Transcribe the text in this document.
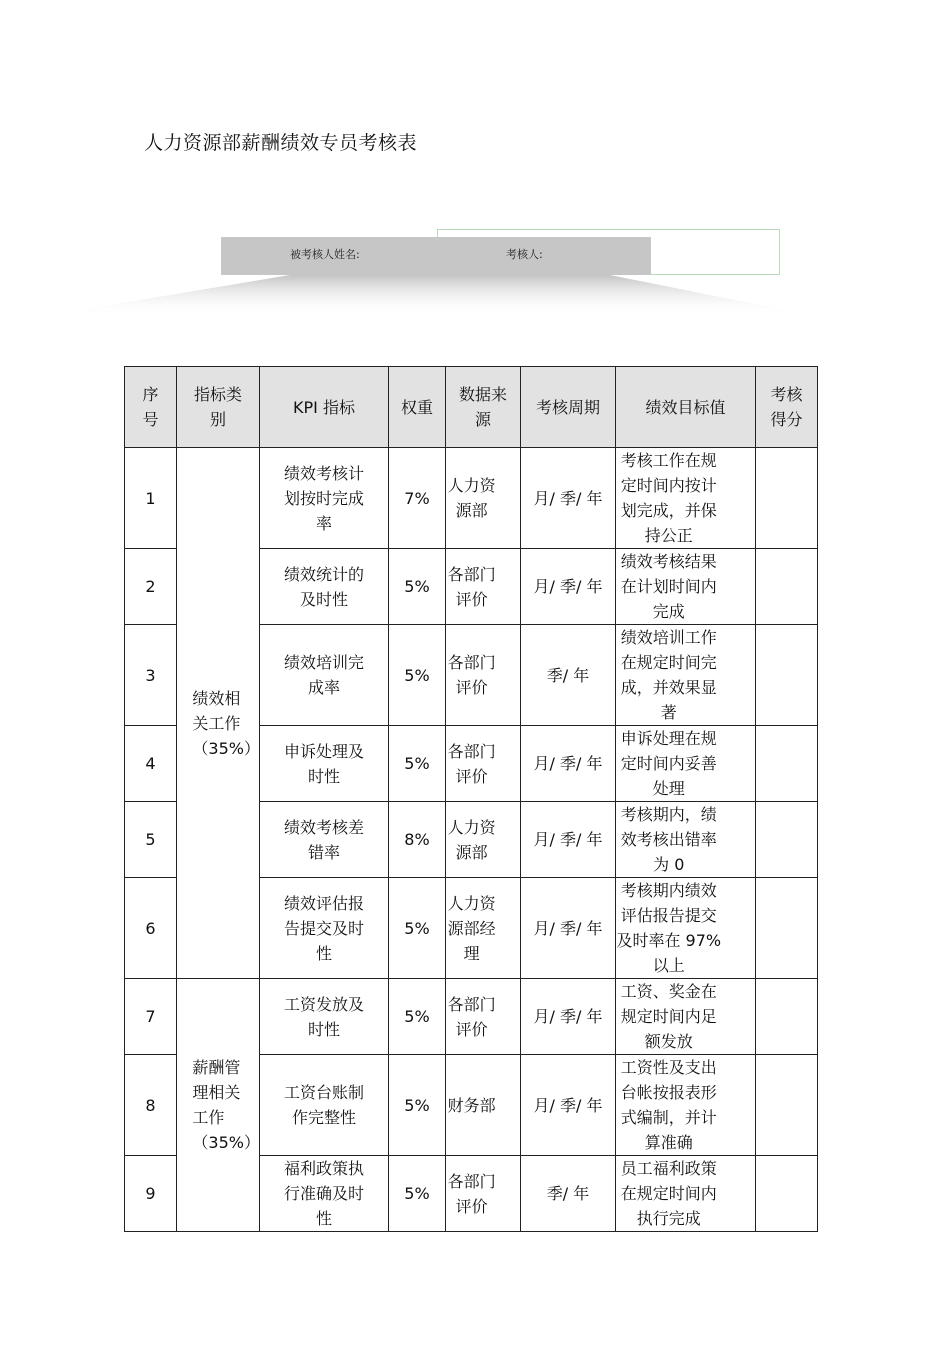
人力资源部薪酬绩效专员考核表
被考核人姓名:	考核人:
序号	指标类别	KPI 指标	权重	数据来源	考核周期	绩效目标值	考核得分

1	绩效相关工作（35%）	绩效考核计划按时完成率	7%	人力资源部	月/ 季/ 年	考核工作在规定时间内按计划完成，并保持公正	

2		绩效统计的及时性	5%	各部门评价	月/ 季/ 年	绩效考核结果在计划时间内完成	

3		绩效培训完成率	5%	各部门评价	季/ 年	绩效培训工作在规定时间完成，并效果显著	

4		申诉处理及时性	5%	各部门评价	月/ 季/ 年	申诉处理在规定时间内妥善处理	

5		绩效考核差错率	8%	人力资源部	月/ 季/ 年	考核期内，绩效考核出错率为 0	

6		绩效评估报告提交及时性	5%	人力资源部经理	月/ 季/ 年	考核期内绩效评估报告提交及时率在 97%以上	

7	薪酬管理相关工作（35%）	工资发放及时性	5%	各部门评价	月/ 季/ 年	工资、奖金在规定时间内足额发放	

8		工资台账制作完整性	5%	财务部	月/ 季/ 年	工资性及支出台帐按报表形式编制，并计算准确	

9		福利政策执行准确及时性	5%	各部门评价	季/ 年	员工福利政策在规定时间内执行完成	
